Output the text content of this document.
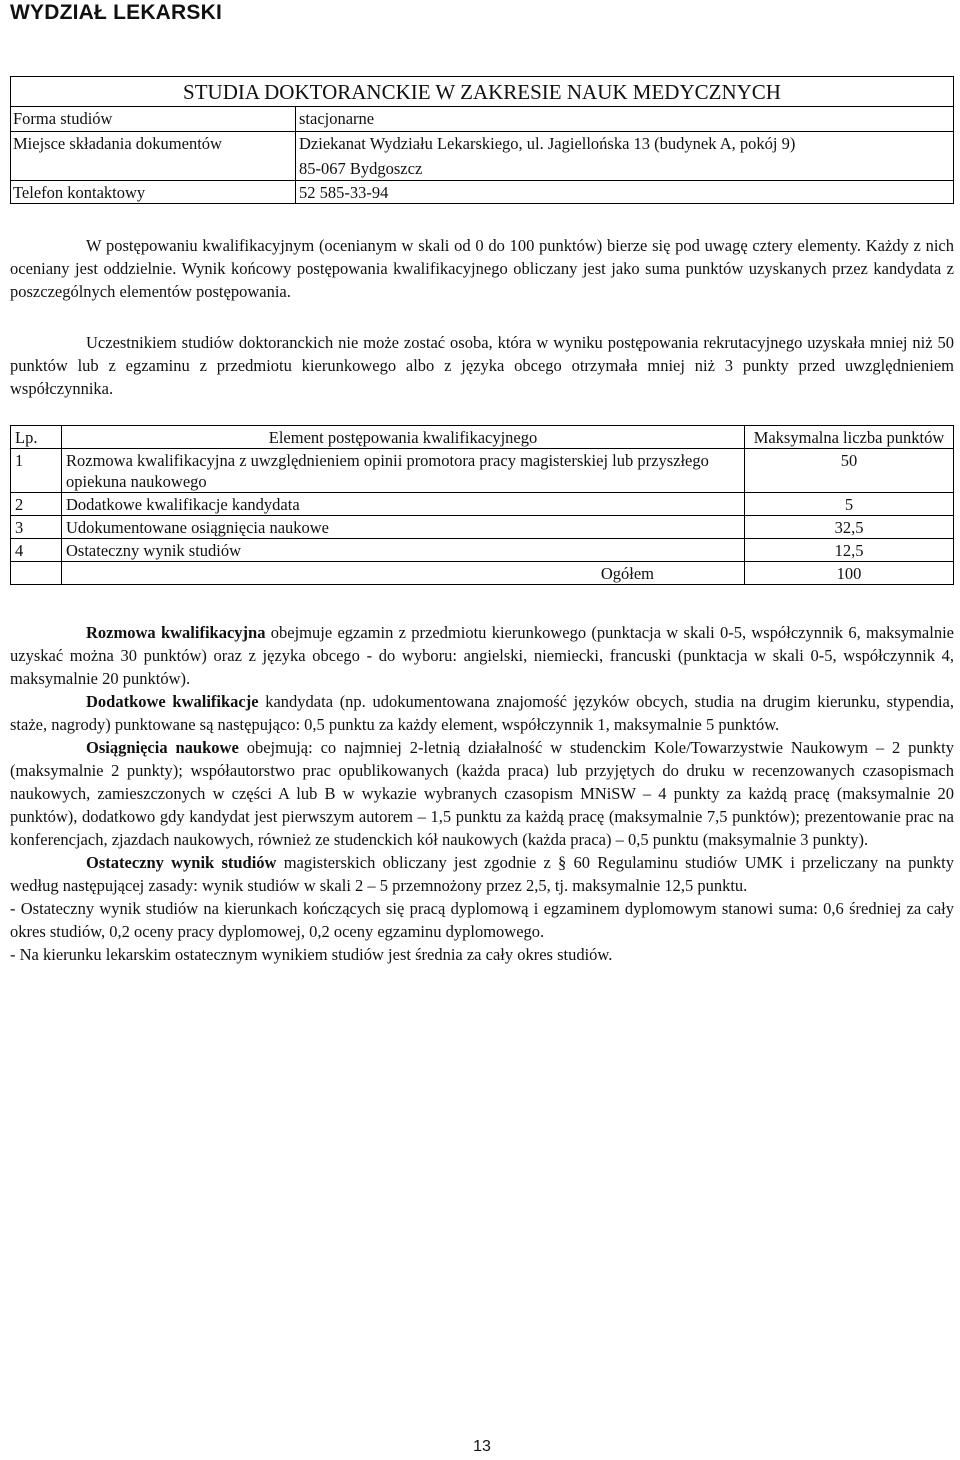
WYDZIAŁ LEKARSKI
STUDIA DOKTORANCKIE W ZAKRESIE NAUK MEDYCZNYCH
Forma studiów	stacjonarne
Miejsce składania dokumentów	Dziekanat Wydziału Lekarskiego, ul. Jagiellońska 13 (budynek A, pokój 9)
85-067 Bydgoszcz
Telefon kontaktowy	52 585-33-94

W postępowaniu kwalifikacyjnym (ocenianym w skali od 0 do 100 punktów) bierze się pod uwagę cztery elementy. Każdy z nich oceniany jest oddzielnie. Wynik końcowy postępowania kwalifikacyjnego obliczany jest jako suma punktów uzyskanych przez kandydata z poszczególnych elementów postępowania.

Uczestnikiem studiów doktoranckich nie może zostać osoba, która w wyniku postępowania rekrutacyjnego uzyskała mniej niż 50 punktów lub z egzaminu z przedmiotu kierunkowego albo z języka obcego otrzymała mniej niż 3 punkty przed uwzględnieniem współczynnika.

Lp.	Element postępowania kwalifikacyjnego	Maksymalna liczba punktów
1	Rozmowa kwalifikacyjna z uwzględnieniem opinii promotora pracy magisterskiej lub przyszłego opiekuna naukowego	50
2	Dodatkowe kwalifikacje kandydata	5
3	Udokumentowane osiągnięcia naukowe	32,5
4	Ostateczny wynik studiów	12,5
	Ogółem	100

Rozmowa kwalifikacyjna obejmuje egzamin z przedmiotu kierunkowego (punktacja w skali 0-5, współczynnik 6, maksymalnie uzyskać można 30 punktów) oraz z języka obcego - do wyboru: angielski, niemiecki, francuski (punktacja w skali 0-5, współczynnik 4, maksymalnie 20 punktów).

Dodatkowe kwalifikacje kandydata (np. udokumentowana znajomość języków obcych, studia na drugim kierunku, stypendia, staże, nagrody) punktowane są następująco: 0,5 punktu za każdy element, współczynnik 1, maksymalnie 5 punktów.

Osiągnięcia naukowe obejmują: co najmniej 2-letnią działalność w studenckim Kole/Towarzystwie Naukowym – 2 punkty (maksymalnie 2 punkty); współautorstwo prac opublikowanych (każda praca) lub przyjętych do druku w recenzowanych czasopismach naukowych, zamieszczonych w części A lub B w wykazie wybranych czasopism MNiSW – 4 punkty za każdą pracę (maksymalnie 20 punktów), dodatkowo gdy kandydat jest pierwszym autorem – 1,5 punktu za każdą pracę (maksymalnie 7,5 punktów); prezentowanie prac na konferencjach, zjazdach naukowych, również ze studenckich kół naukowych (każda praca) – 0,5 punktu (maksymalnie 3 punkty).

Ostateczny wynik studiów magisterskich obliczany jest zgodnie z § 60 Regulaminu studiów UMK i przeliczany na punkty według następującej zasady: wynik studiów w skali 2 – 5 przemnożony przez 2,5, tj. maksymalnie 12,5 punktu.

- Ostateczny wynik studiów na kierunkach kończących się pracą dyplomową i egzaminem dyplomowym stanowi suma: 0,6 średniej za cały okres studiów, 0,2 oceny pracy dyplomowej, 0,2 oceny egzaminu dyplomowego.

- Na kierunku lekarskim ostatecznym wynikiem studiów jest średnia za cały okres studiów.

13
